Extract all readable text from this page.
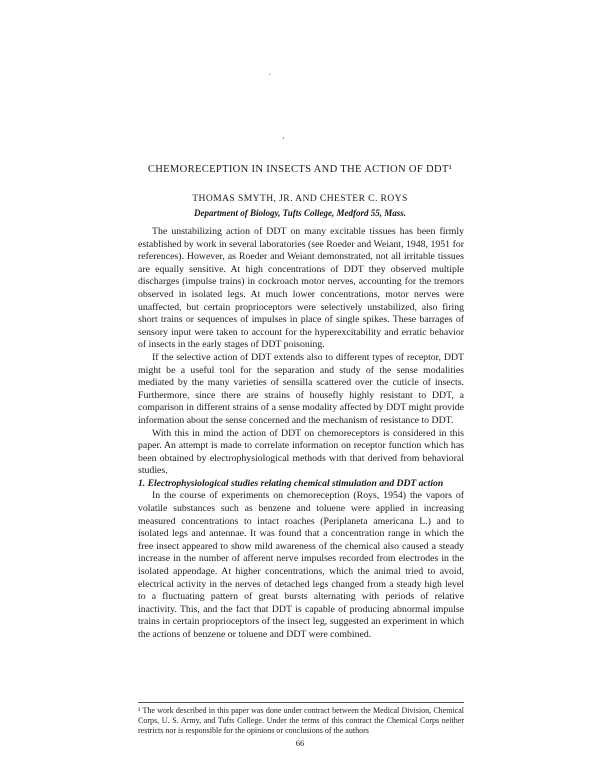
·
,
CHEMORECEPTION IN INSECTS AND THE ACTION OF DDT¹
THOMAS SMYTH, JR. AND CHESTER C. ROYS
Department of Biology, Tufts College, Medford 55, Mass.

The unstabilizing action of DDT on many excitable tissues has been firmly established by work in several laboratories (see Roeder and Weiant, 1948, 1951 for references). However, as Roeder and Weiant demonstrated, not all irritable tissues are equally sensitive. At high concentrations of DDT they observed multiple discharges (impulse trains) in cockroach motor nerves, accounting for the tremors observed in isolated legs. At much lower concentrations, motor nerves were unaffected, but certain proprioceptors were selectively unstabilized, also firing short trains or sequences of impulses in place of single spikes. These barrages of sensory input were taken to account for the hyperexcitability and erratic behavior of insects in the early stages of DDT poisoning.

If the selective action of DDT extends also to different types of receptor, DDT might be a useful tool for the separation and study of the sense modalities mediated by the many varieties of sensilla scattered over the cuticle of insects. Furthermore, since there are strains of housefly highly resistant to DDT, a comparison in different strains of a sense modality affected by DDT might provide information about the sense concerned and the mechanism of resistance to DDT.

With this in mind the action of DDT on chemoreceptors is considered in this paper. An attempt is made to correlate information on receptor function which has been obtained by electrophysiological methods with that derived from behavioral studies.

1. Electrophysiological studies relating chemical stimulation and DDT action

In the course of experiments on chemoreception (Roys, 1954) the vapors of volatile substances such as benzene and toluene were applied in increasing measured concentrations to intact roaches (Periplaneta americana L.) and to isolated legs and antennae. It was found that a concentration range in which the free insect appeared to show mild awareness of the chemical also caused a steady increase in the number of afferent nerve impulses recorded from electrodes in the isolated appendage. At higher concentrations, which the animal tried to avoid, electrical activity in the nerves of detached legs changed from a steady high level to a fluctuating pattern of great bursts alternating with periods of relative inactivity. This, and the fact that DDT is capable of producing abnormal impulse trains in certain proprioceptors of the insect leg, suggested an experiment in which the actions of benzene or toluene and DDT were combined.

¹ The work described in this paper was done under contract between the Medical Division, Chemical Corps, U. S. Army, and Tufts College. Under the terms of this contract the Chemical Corps neither restricts nor is responsible for the opinions or conclusions of the authors
66
